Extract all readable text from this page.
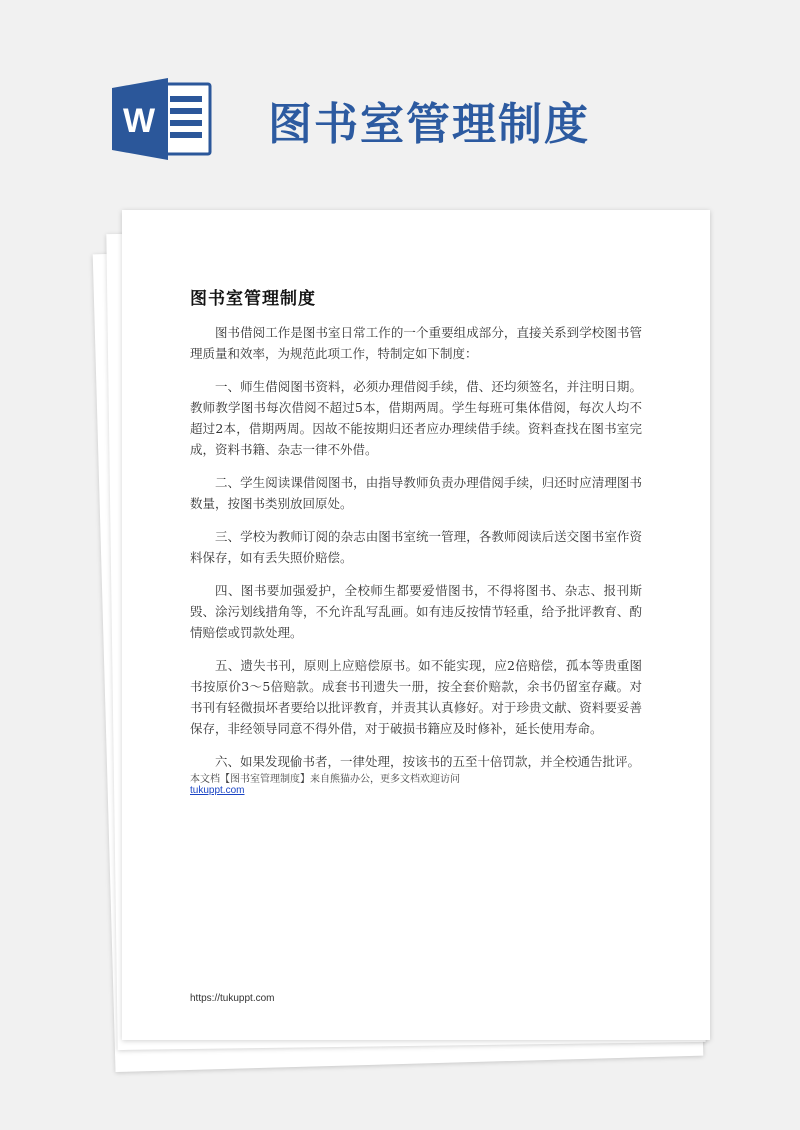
W	图书室管理制度
图书室管理制度

图书借阅工作是图书室日常工作的一个重要组成部分，直接关系到学校图书管理质量和效率，为规范此项工作，特制定如下制度：

一、师生借阅图书资料，必须办理借阅手续，借、还均须签名，并注明日期。教师教学图书每次借阅不超过5本，借期两周。学生每班可集体借阅，每次人均不超过2本，借期两周。因故不能按期归还者应办理续借手续。资料查找在图书室完成，资料书籍、杂志一律不外借。

二、学生阅读课借阅图书，由指导教师负责办理借阅手续，归还时应清理图书数量，按图书类别放回原处。

三、学校为教师订阅的杂志由图书室统一管理，各教师阅读后送交图书室作资料保存，如有丢失照价赔偿。

四、图书要加强爱护，全校师生都要爱惜图书，不得将图书、杂志、报刊斯毁、涂污划线措角等，不允许乱写乱画。如有违反按情节轻重，给予批评教育、酌情赔偿或罚款处理。

五、遗失书刊，原则上应赔偿原书。如不能实现，应2倍赔偿，孤本等贵重图书按原价3～5倍赔款。成套书刊遗失一册，按全套价赔款，余书仍留室存藏。对书刊有轻微损坏者要给以批评教育，并责其认真修好。对于珍贵文献、资料要妥善保存，非经领导同意不得外借，对于破损书籍应及时修补，延长使用寿命。

六、如果发现偷书者，一律处理，按该书的五至十倍罚款，并全校通告批评。

本文档【图书室管理制度】来自熊猫办公，更多文档欢迎访问
tukuppt.com
https://tukuppt.com
